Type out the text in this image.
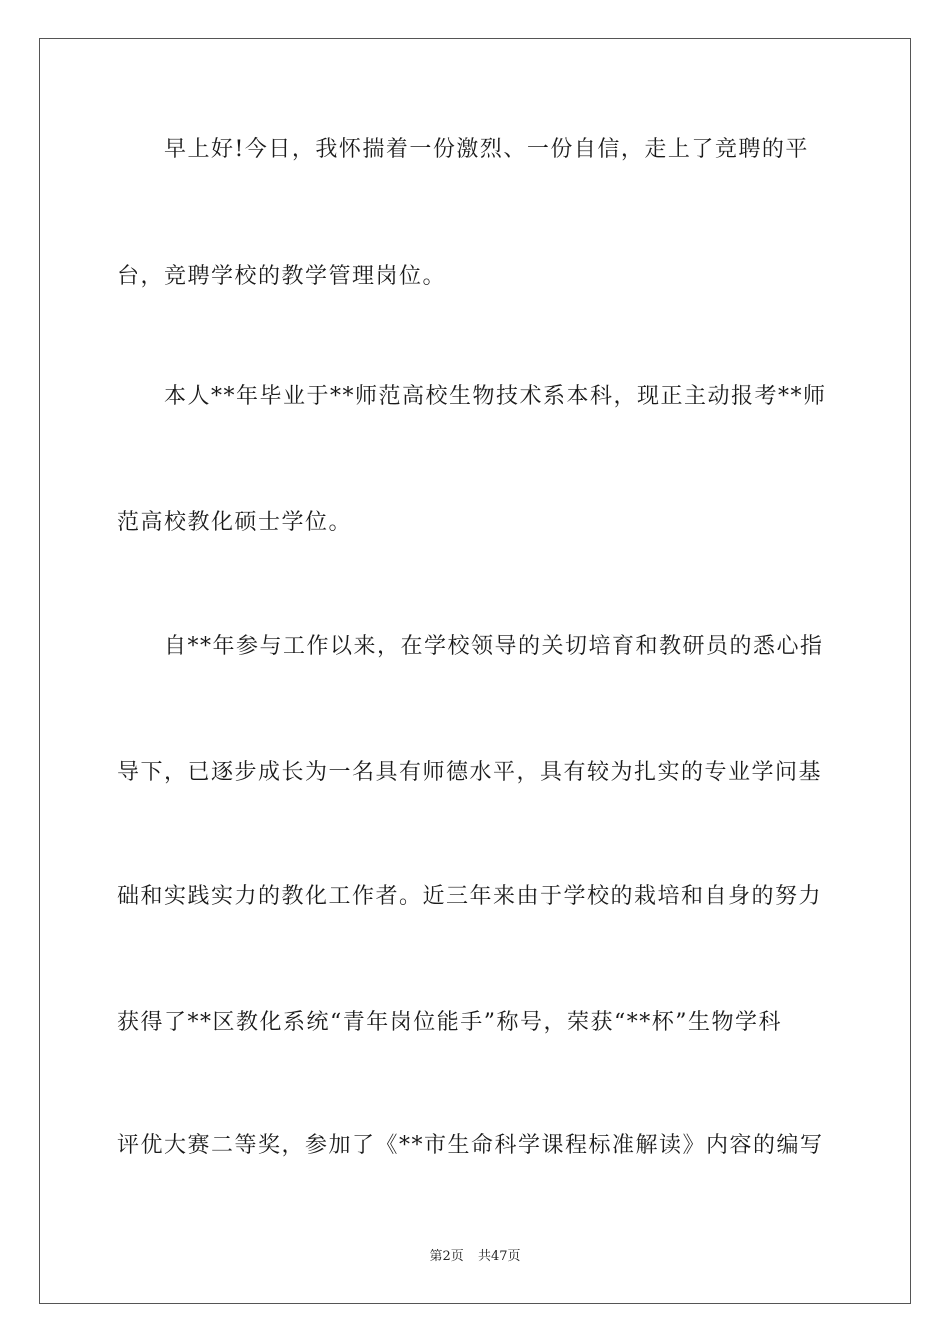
　　早上好!今日，我怀揣着一份激烈、一份自信，走上了竞聘的平
台，竞聘学校的教学管理岗位。
　　本人**年毕业于**师范高校生物技术系本科，现正主动报考**师
范高校教化硕士学位。
　　自**年参与工作以来，在学校领导的关切培育和教研员的悉心指
导下，已逐步成长为一名具有师德水平，具有较为扎实的专业学问基
础和实践实力的教化工作者。近三年来由于学校的栽培和自身的努力
获得了**区教化系统“青年岗位能手”称号，荣获“**杯”生物学科
评优大赛二等奖，参加了《**市生命科学课程标准解读》内容的编写
第2页 共47页
